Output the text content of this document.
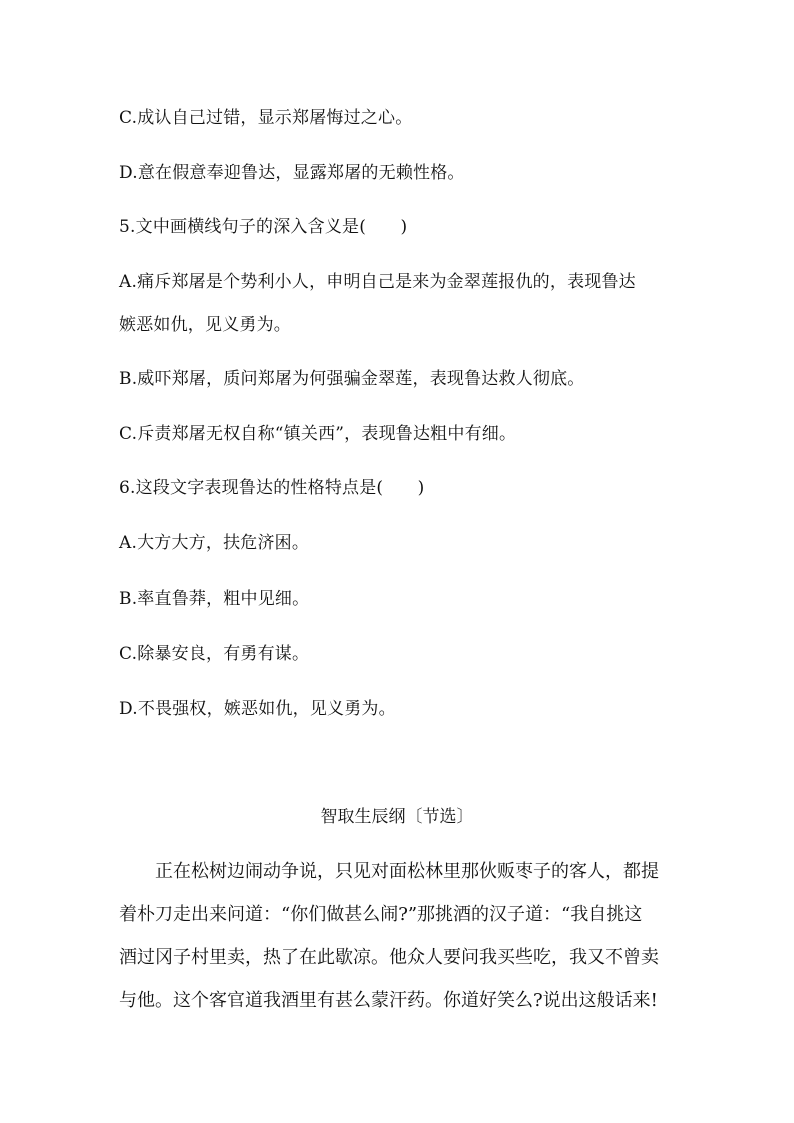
C.成认自己过错，显示郑屠悔过之心。
D.意在假意奉迎鲁达，显露郑屠的无赖性格。
5.文中画横线句子的深入含义是(　　)
A.痛斥郑屠是个势利小人，申明自己是来为金翠莲报仇的，表现鲁达
嫉恶如仇，见义勇为。
B.威吓郑屠，质问郑屠为何强骗金翠莲，表现鲁达救人彻底。
C.斥责郑屠无权自称“镇关西”，表现鲁达粗中有细。
6.这段文字表现鲁达的性格特点是(　　)
A.大方大方，扶危济困。
B.率直鲁莽，粗中见细。
C.除暴安良，有勇有谋。
D.不畏强权，嫉恶如仇，见义勇为。
智取生辰纲〔节选〕
正在松树边闹动争说，只见对面松林里那伙贩枣子的客人，都提
着朴刀走出来问道：“你们做甚么闹?”那挑酒的汉子道：“我自挑这
酒过冈子村里卖，热了在此歇凉。他众人要问我买些吃，我又不曾卖
与他。这个客官道我酒里有甚么蒙汗药。你道好笑么?说出这般话来!
